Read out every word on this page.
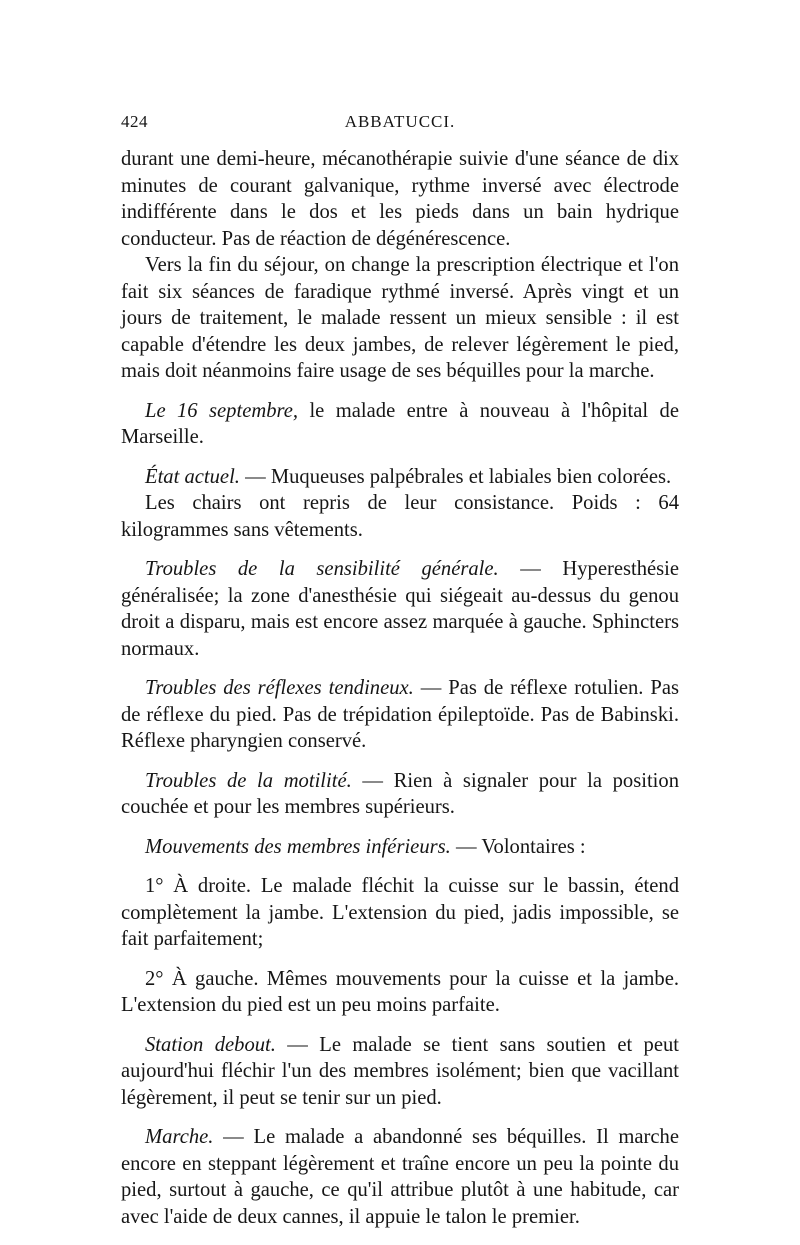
424	ABBATUCCI.

durant une demi-heure, mécanothérapie suivie d'une séance de dix minutes de courant galvanique, rythme inversé avec électrode indifférente dans le dos et les pieds dans un bain hydrique conducteur. Pas de réaction de dégénérescence.

Vers la fin du séjour, on change la prescription électrique et l'on fait six séances de faradique rythmé inversé. Après vingt et un jours de traitement, le malade ressent un mieux sensible : il est capable d'étendre les deux jambes, de relever légèrement le pied, mais doit néanmoins faire usage de ses béquilles pour la marche.

Le 16 septembre, le malade entre à nouveau à l'hôpital de Marseille.

État actuel. — Muqueuses palpébrales et labiales bien colorées.

Les chairs ont repris de leur consistance. Poids : 64 kilogrammes sans vêtements.

Troubles de la sensibilité générale. — Hyperesthésie généralisée; la zone d'anesthésie qui siégeait au-dessus du genou droit a disparu, mais est encore assez marquée à gauche. Sphincters normaux.

Troubles des réflexes tendineux. — Pas de réflexe rotulien. Pas de réflexe du pied. Pas de trépidation épileptoïde. Pas de Babinski. Réflexe pharyngien conservé.

Troubles de la motilité. — Rien à signaler pour la position couchée et pour les membres supérieurs.

Mouvements des membres inférieurs. — Volontaires :

1° À droite. Le malade fléchit la cuisse sur le bassin, étend complètement la jambe. L'extension du pied, jadis impossible, se fait parfaitement;

2° À gauche. Mêmes mouvements pour la cuisse et la jambe. L'extension du pied est un peu moins parfaite.

Station debout. — Le malade se tient sans soutien et peut aujourd'hui fléchir l'un des membres isolément; bien que vacillant légèrement, il peut se tenir sur un pied.

Marche. — Le malade a abandonné ses béquilles. Il marche encore en steppant légèrement et traîne encore un peu la pointe du pied, surtout à gauche, ce qu'il attribue plutôt à une habitude, car avec l'aide de deux cannes, il appuie le talon le premier.
